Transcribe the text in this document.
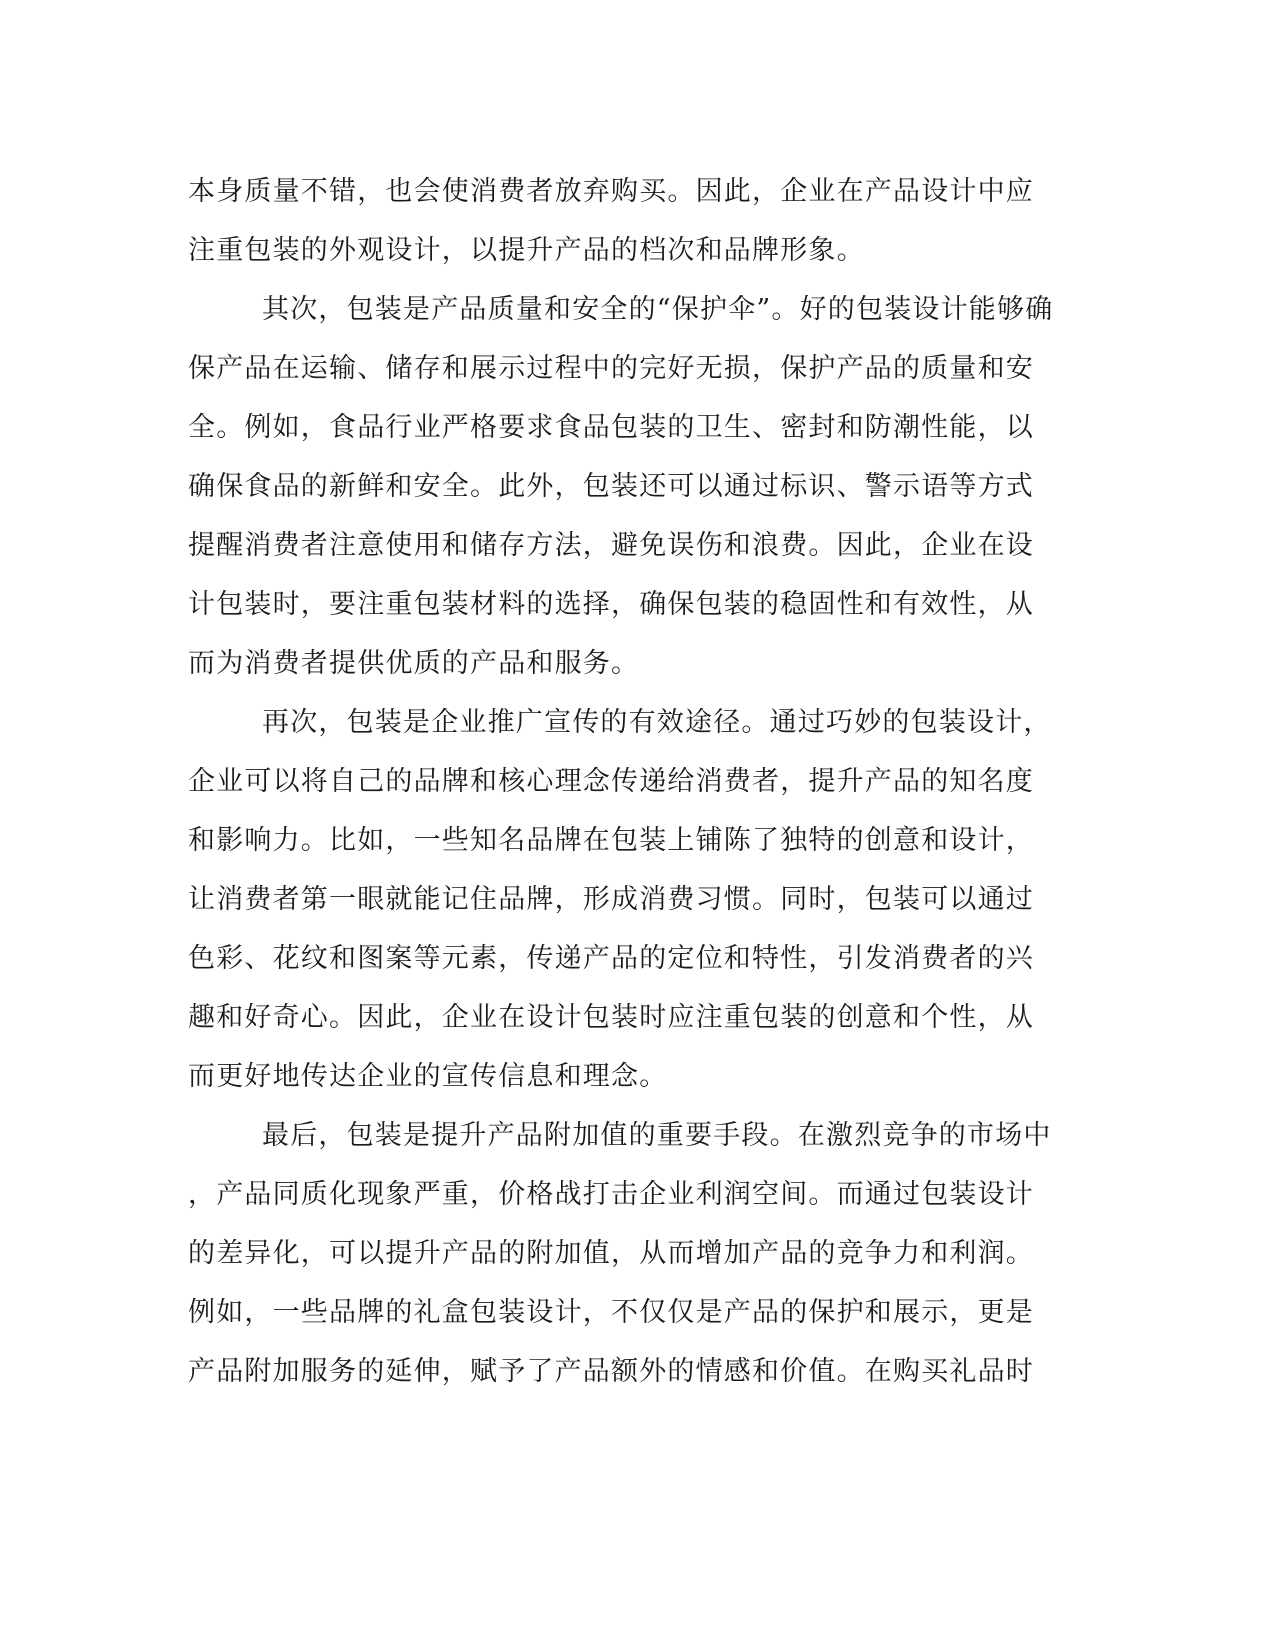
本身质量不错，也会使消费者放弃购买。因此，企业在产品设计中应
注重包装的外观设计，以提升产品的档次和品牌形象。
其次，包装是产品质量和安全的“保护伞”。好的包装设计能够确
保产品在运输、储存和展示过程中的完好无损，保护产品的质量和安
全。例如，食品行业严格要求食品包装的卫生、密封和防潮性能，以
确保食品的新鲜和安全。此外，包装还可以通过标识、警示语等方式
提醒消费者注意使用和储存方法，避免误伤和浪费。因此，企业在设
计包装时，要注重包装材料的选择，确保包装的稳固性和有效性，从
而为消费者提供优质的产品和服务。
再次，包装是企业推广宣传的有效途径。通过巧妙的包装设计，
企业可以将自己的品牌和核心理念传递给消费者，提升产品的知名度
和影响力。比如，一些知名品牌在包装上铺陈了独特的创意和设计，
让消费者第一眼就能记住品牌，形成消费习惯。同时，包装可以通过
色彩、花纹和图案等元素，传递产品的定位和特性，引发消费者的兴
趣和好奇心。因此，企业在设计包装时应注重包装的创意和个性，从
而更好地传达企业的宣传信息和理念。
最后，包装是提升产品附加值的重要手段。在激烈竞争的市场中
，产品同质化现象严重，价格战打击企业利润空间。而通过包装设计
的差异化，可以提升产品的附加值，从而增加产品的竞争力和利润。
例如，一些品牌的礼盒包装设计，不仅仅是产品的保护和展示，更是
产品附加服务的延伸，赋予了产品额外的情感和价值。在购买礼品时
